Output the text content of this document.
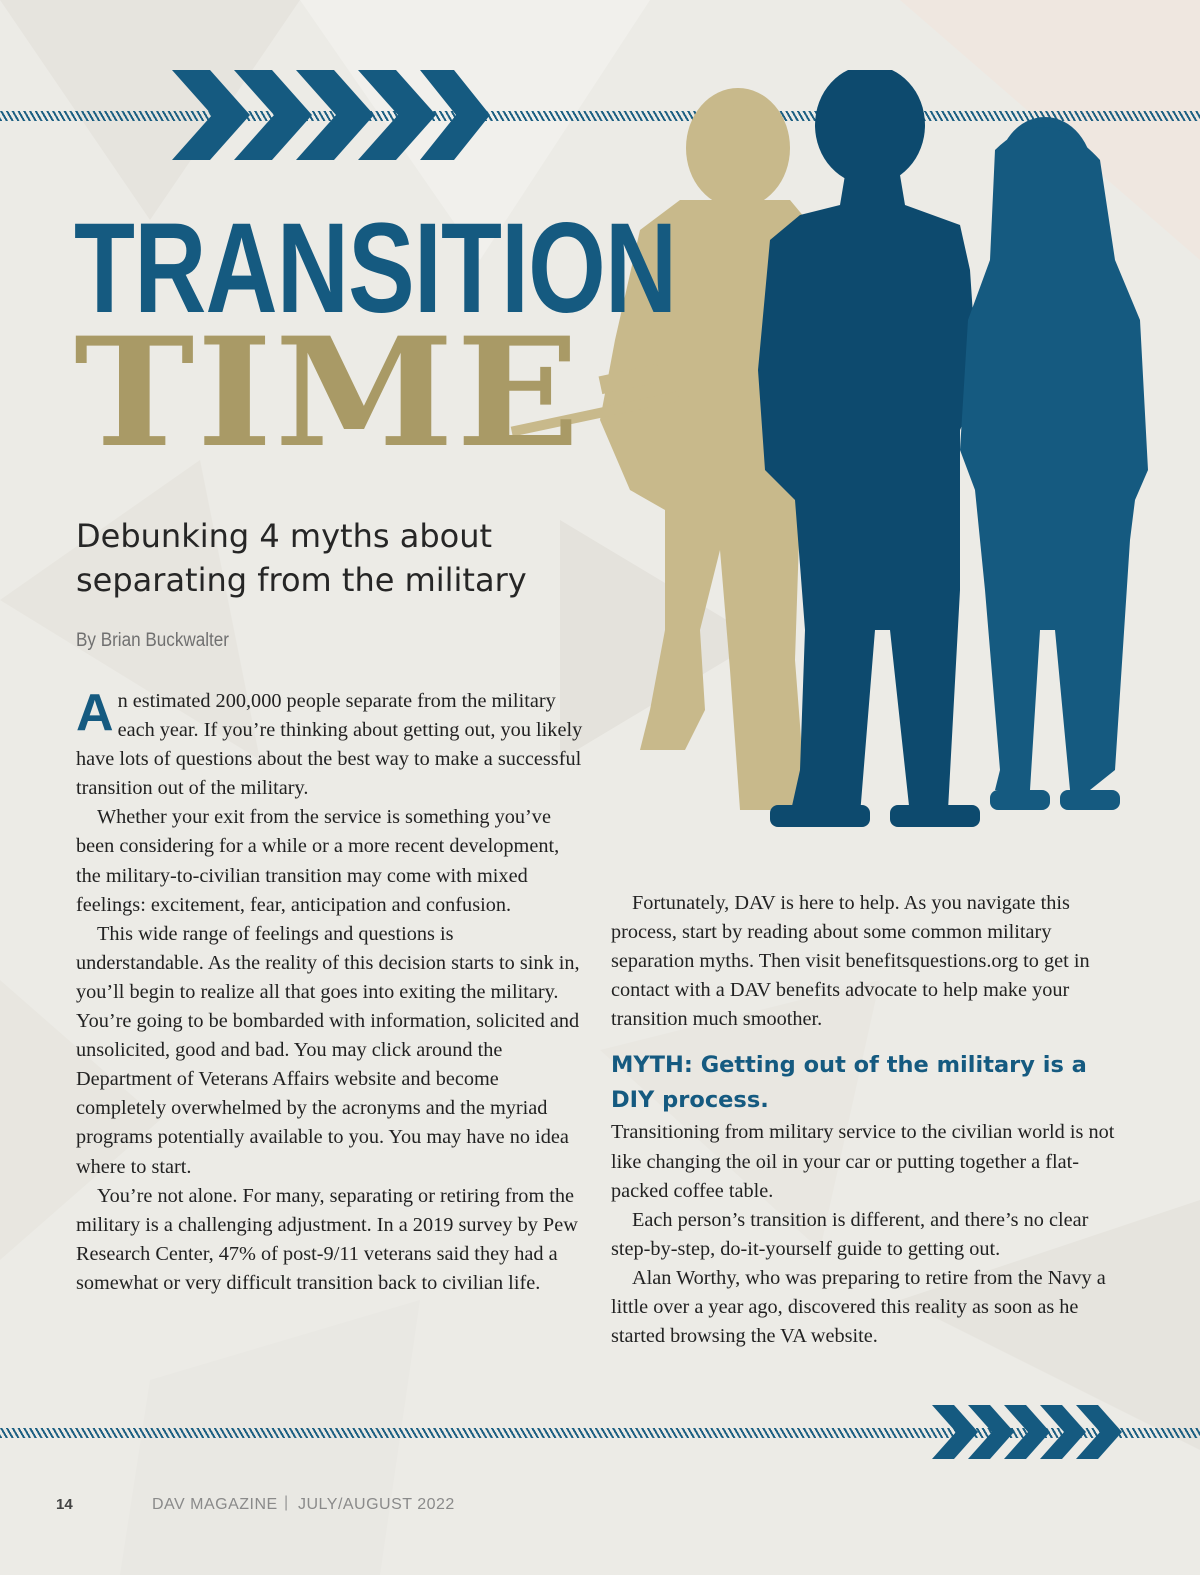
TRANSITION
TIME
Debunking 4 myths about separating from the military

By Brian Buckwalter

An estimated 200,000 people separate from the military each year. If you’re thinking about getting out, you likely have lots of questions about the best way to make a successful transition out of the military.

Whether your exit from the service is something you’ve been considering for a while or a more recent development, the military-to-civilian transition may come with mixed feelings: excitement, fear, anticipation and confusion.

This wide range of feelings and questions is understandable. As the reality of this decision starts to sink in, you’ll begin to realize all that goes into exiting the military. You’re going to be bombarded with information, solicited and unsolicited, good and bad. You may click around the Department of Veterans Affairs website and become completely overwhelmed by the acronyms and the myriad programs potentially available to you. You may have no idea where to start.

You’re not alone. For many, separating or retiring from the military is a challenging adjustment. In a 2019 survey by Pew Research Center, 47% of post-9/11 veterans said they had a somewhat or very difficult transition back to civilian life.

Fortunately, DAV is here to help. As you navigate this process, start by reading about some common military separation myths. Then visit benefitsquestions.org to get in contact with a DAV benefits advocate to help make your transition much smoother.

MYTH: Getting out of the military is a DIY process.

Transitioning from military service to the civilian world is not like changing the oil in your car or putting together a flat-packed coffee table.

Each person’s transition is different, and there’s no clear step-by-step, do-it-yourself guide to getting out.

Alan Worthy, who was preparing to retire from the Navy a little over a year ago, discovered this reality as soon as he started browsing the VA website.

14	DAV MAGAZINE | JULY/AUGUST 2022
